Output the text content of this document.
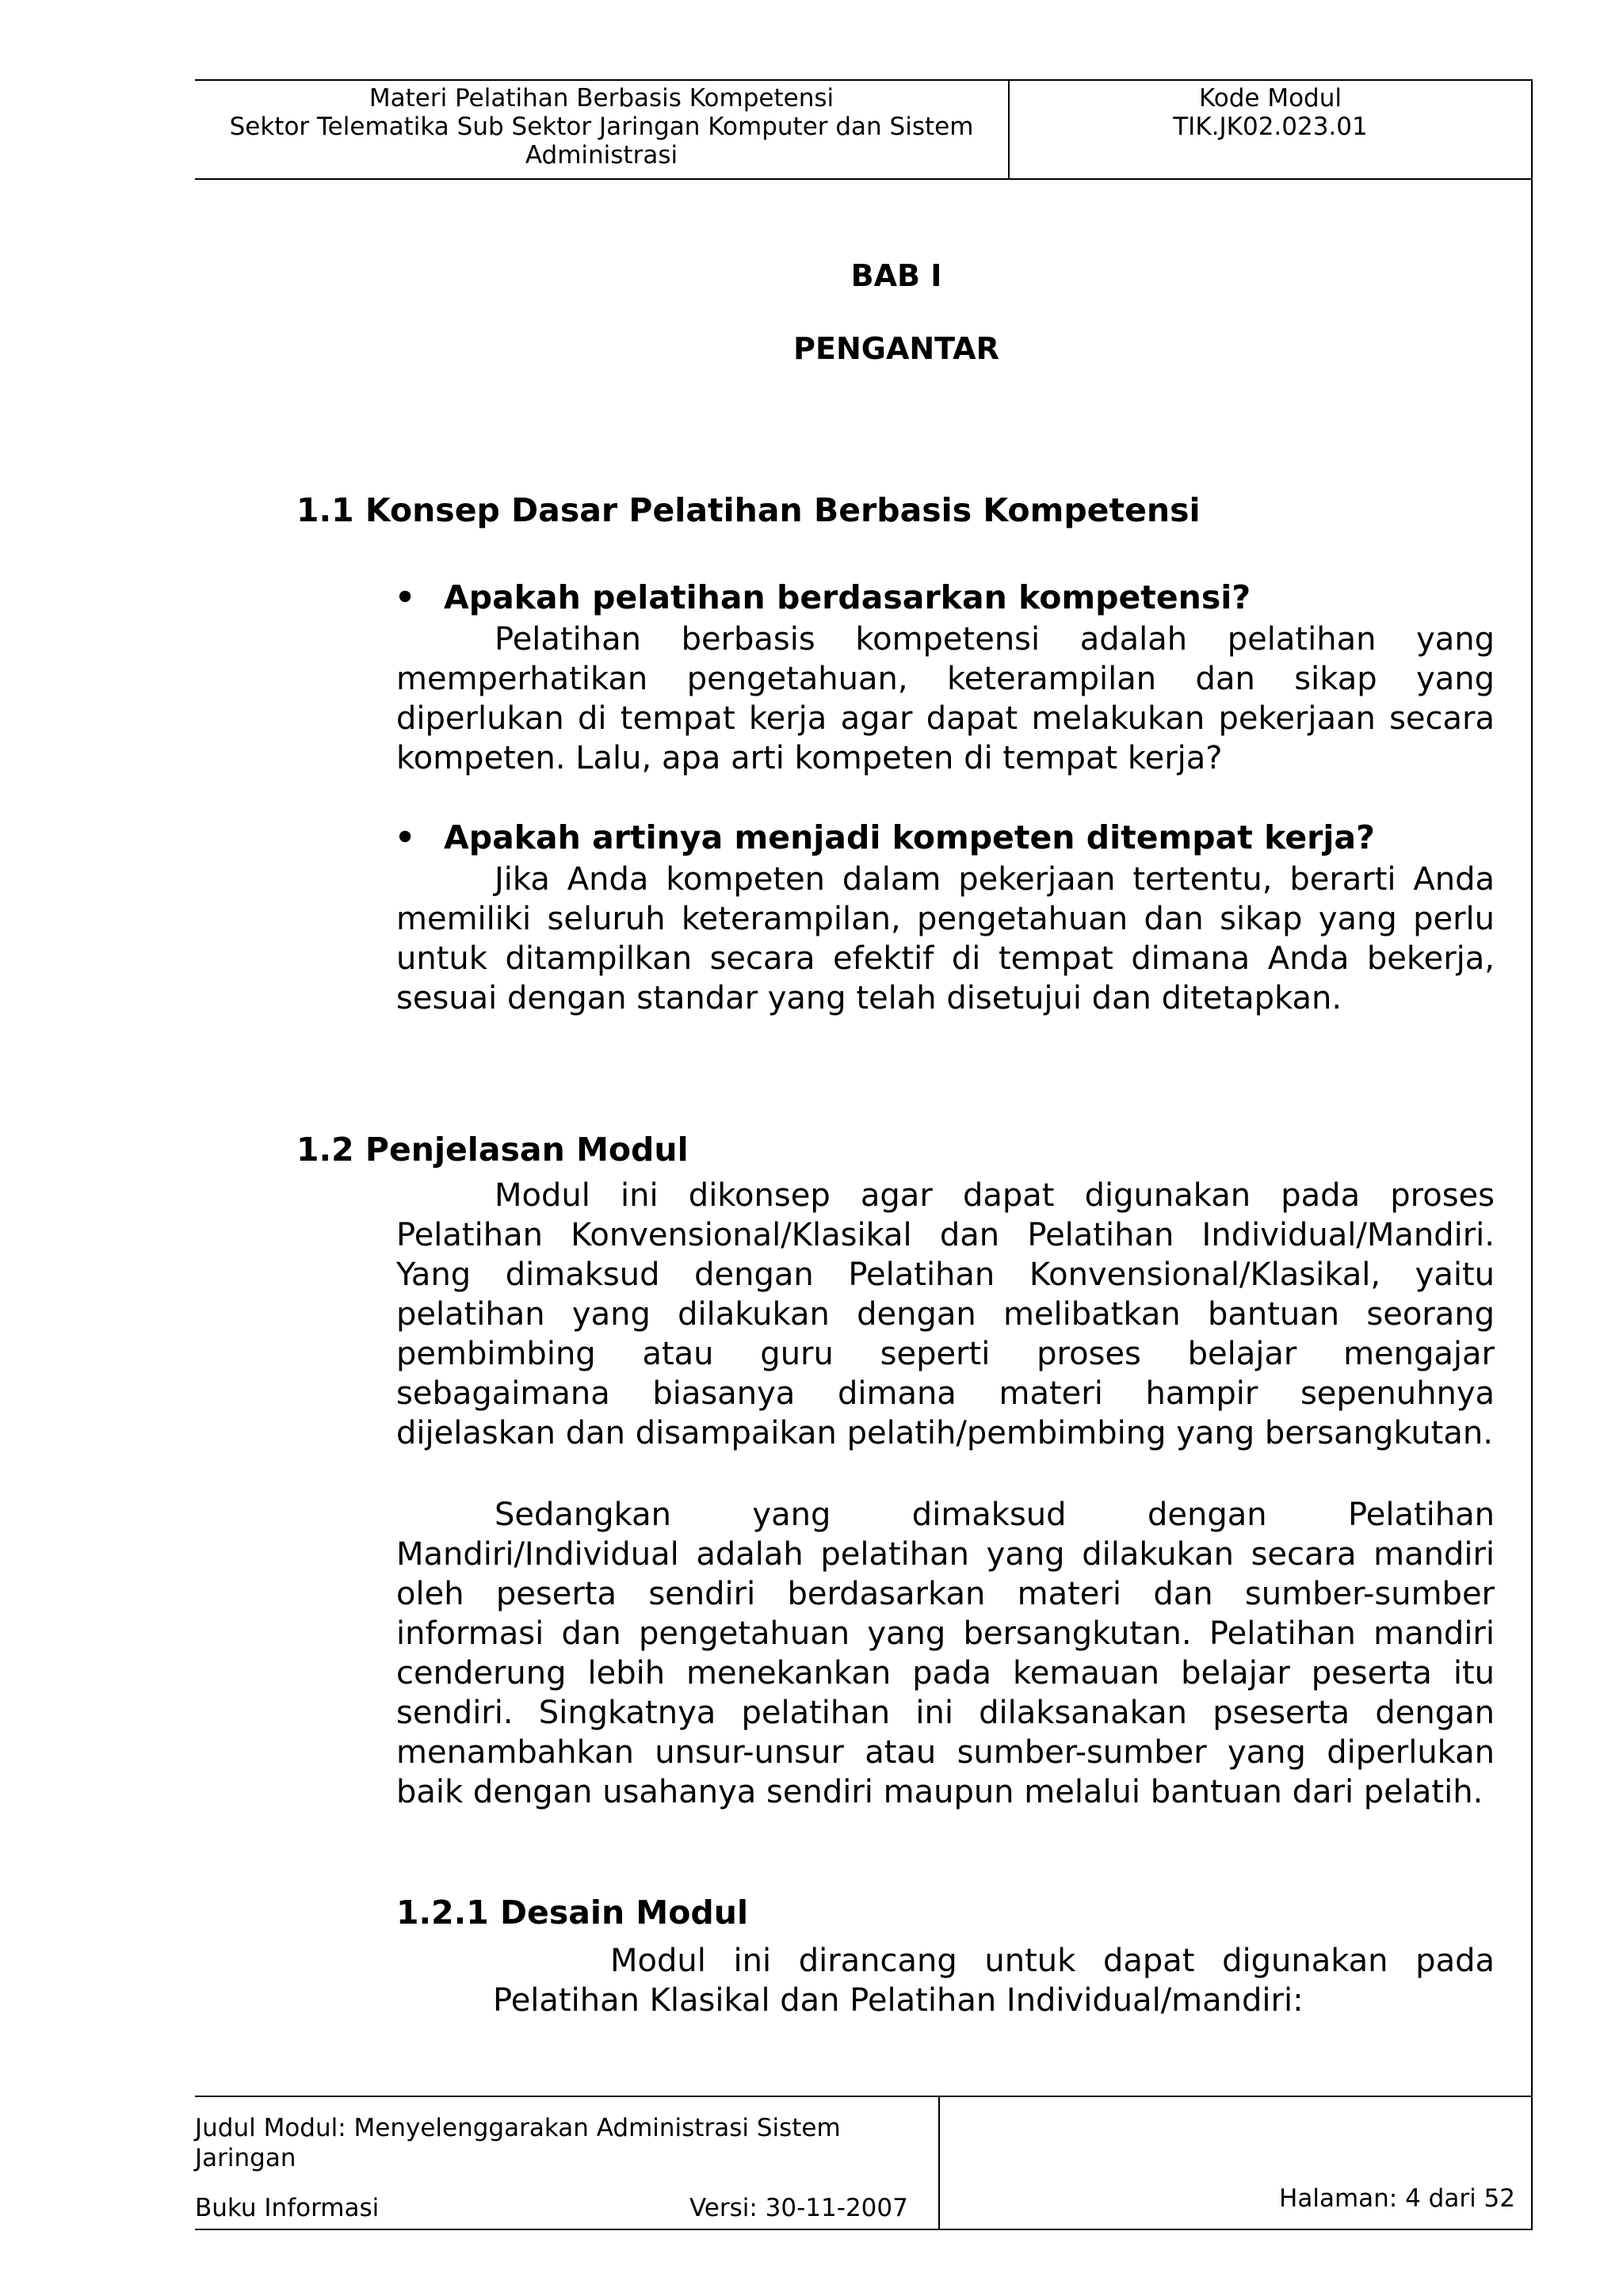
Materi Pelatihan Berbasis Kompetensi
Sektor Telematika Sub Sektor Jaringan Komputer dan Sistem
Administrasi
Kode Modul
TIK.JK02.023.01
BAB I
PENGANTAR
1.1 Konsep Dasar Pelatihan Berbasis Kompetensi
• Apakah pelatihan berdasarkan kompetensi?
Pelatihan berbasis kompetensi adalah pelatihan yang memperhatikan pengetahuan, keterampilan dan sikap yang diperlukan di tempat kerja agar dapat melakukan pekerjaan secara kompeten. Lalu, apa arti kompeten di tempat kerja?
• Apakah artinya menjadi kompeten ditempat kerja?
Jika Anda kompeten dalam pekerjaan tertentu, berarti Anda memiliki seluruh keterampilan, pengetahuan dan sikap yang perlu untuk ditampilkan secara efektif di tempat dimana Anda bekerja, sesuai dengan standar yang telah disetujui dan ditetapkan.
1.2 Penjelasan Modul
Modul ini dikonsep agar dapat digunakan pada proses Pelatihan Konvensional/Klasikal dan Pelatihan Individual/Mandiri. Yang dimaksud dengan Pelatihan Konvensional/Klasikal, yaitu pelatihan yang dilakukan dengan melibatkan bantuan seorang pembimbing atau guru seperti proses belajar mengajar sebagaimana biasanya dimana materi hampir sepenuhnya dijelaskan dan disampaikan pelatih/pembimbing yang bersangkutan.
Sedangkan yang dimaksud dengan Pelatihan Mandiri/Individual adalah pelatihan yang dilakukan secara mandiri oleh peserta sendiri berdasarkan materi dan sumber-sumber informasi dan pengetahuan yang bersangkutan. Pelatihan mandiri cenderung lebih menekankan pada kemauan belajar peserta itu sendiri. Singkatnya pelatihan ini dilaksanakan pseserta dengan menambahkan unsur-unsur atau sumber-sumber yang diperlukan baik dengan usahanya sendiri maupun melalui bantuan dari pelatih.
1.2.1 Desain Modul
Modul ini dirancang untuk dapat digunakan pada Pelatihan Klasikal dan Pelatihan Individual/mandiri:
Judul Modul: Menyelenggarakan Administrasi Sistem Jaringan
Buku Informasi	Versi: 30-11-2007	Halaman: 4 dari 52
